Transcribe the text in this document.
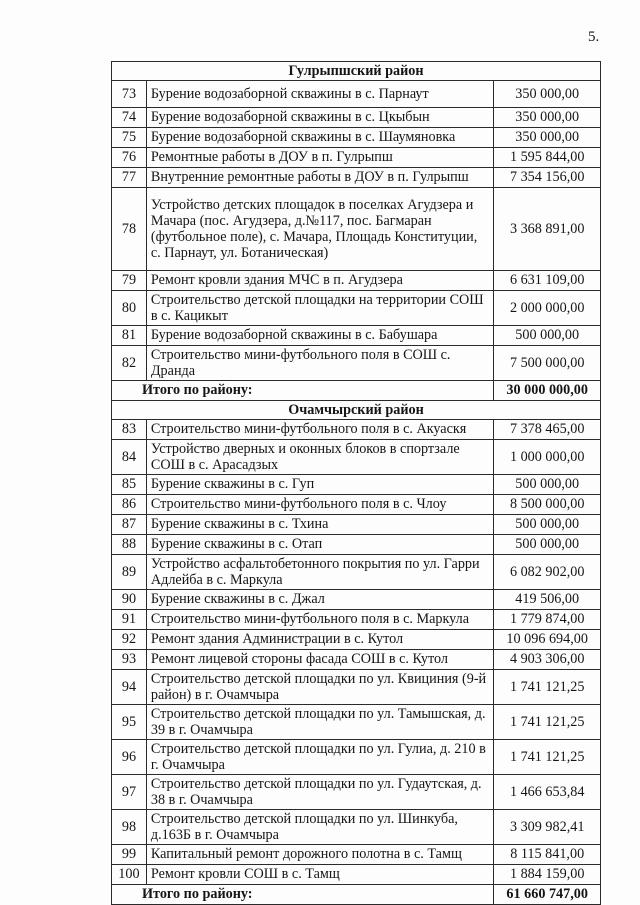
5.
Гулрыпшский район		
73	Бурение водозаборной скважины в с. Парнаут	350 000,00
74	Бурение водозаборной скважины в с. Цкыбын	350 000,00
75	Бурение водозаборной скважины в с. Шаумяновка	350 000,00
76	Ремонтные работы в ДОУ в п. Гулрыпш	1 595 844,00
77	Внутренние ремонтные работы в ДОУ в п. Гулрыпш	7 354 156,00
78	Устройство детских площадок в поселках Агудзера и Мачара (пос. Агудзера, д.№117, пос. Багмаран (футбольное поле), с. Мачара, Площадь Конституции, с. Парнаут, ул. Ботаническая)	3 368 891,00
79	Ремонт кровли здания МЧС в п. Агудзера	6 631 109,00
80	Строительство детской площадки на территории СОШ в с. Кацикыт	2 000 000,00
81	Бурение водозаборной скважины в с. Бабушара	500 000,00
82	Строительство мини-футбольного поля в СОШ с. Дранда	7 500 000,00
Итого по району:		30 000 000,00
Очамчырский район		
83	Строительство мини-футбольного поля в с. Акуаскя	7 378 465,00
84	Устройство дверных и оконных блоков в спортзале СОШ в с. Арасадзых	1 000 000,00
85	Бурение скважины в с. Гуп	500 000,00
86	Строительство мини-футбольного поля в с. Члоу	8 500 000,00
87	Бурение скважины в с. Тхина	500 000,00
88	Бурение скважины в с. Отап	500 000,00
89	Устройство асфальтобетонного покрытия по ул. Гарри Адлейба в с. Маркула	6 082 902,00
90	Бурение скважины в с. Джал	419 506,00
91	Строительство мини-футбольного поля в с. Маркула	1 779 874,00
92	Ремонт здания Администрации в с. Кутол	10 096 694,00
93	Ремонт лицевой стороны фасада СОШ в с. Кутол	4 903 306,00
94	Строительство детской площадки по ул. Квициния (9-й район) в г. Очамчыра	1 741 121,25
95	Строительство детской площадки по ул. Тамышская, д. 39 в г. Очамчыра	1 741 121,25
96	Строительство детской площадки по ул. Гулиа, д. 210 в г. Очамчыра	1 741 121,25
97	Строительство детской площадки по ул. Гудаутская, д. 38 в г. Очамчыра	1 466 653,84
98	Строительство детской площадки по ул. Шинкуба, д.163Б в г. Очамчыра	3 309 982,41
99	Капитальный ремонт дорожного полотна в с. Тамщ	8 115 841,00
100	Ремонт кровли СОШ в с. Тамщ	1 884 159,00
Итого по району:		61 660 747,00
